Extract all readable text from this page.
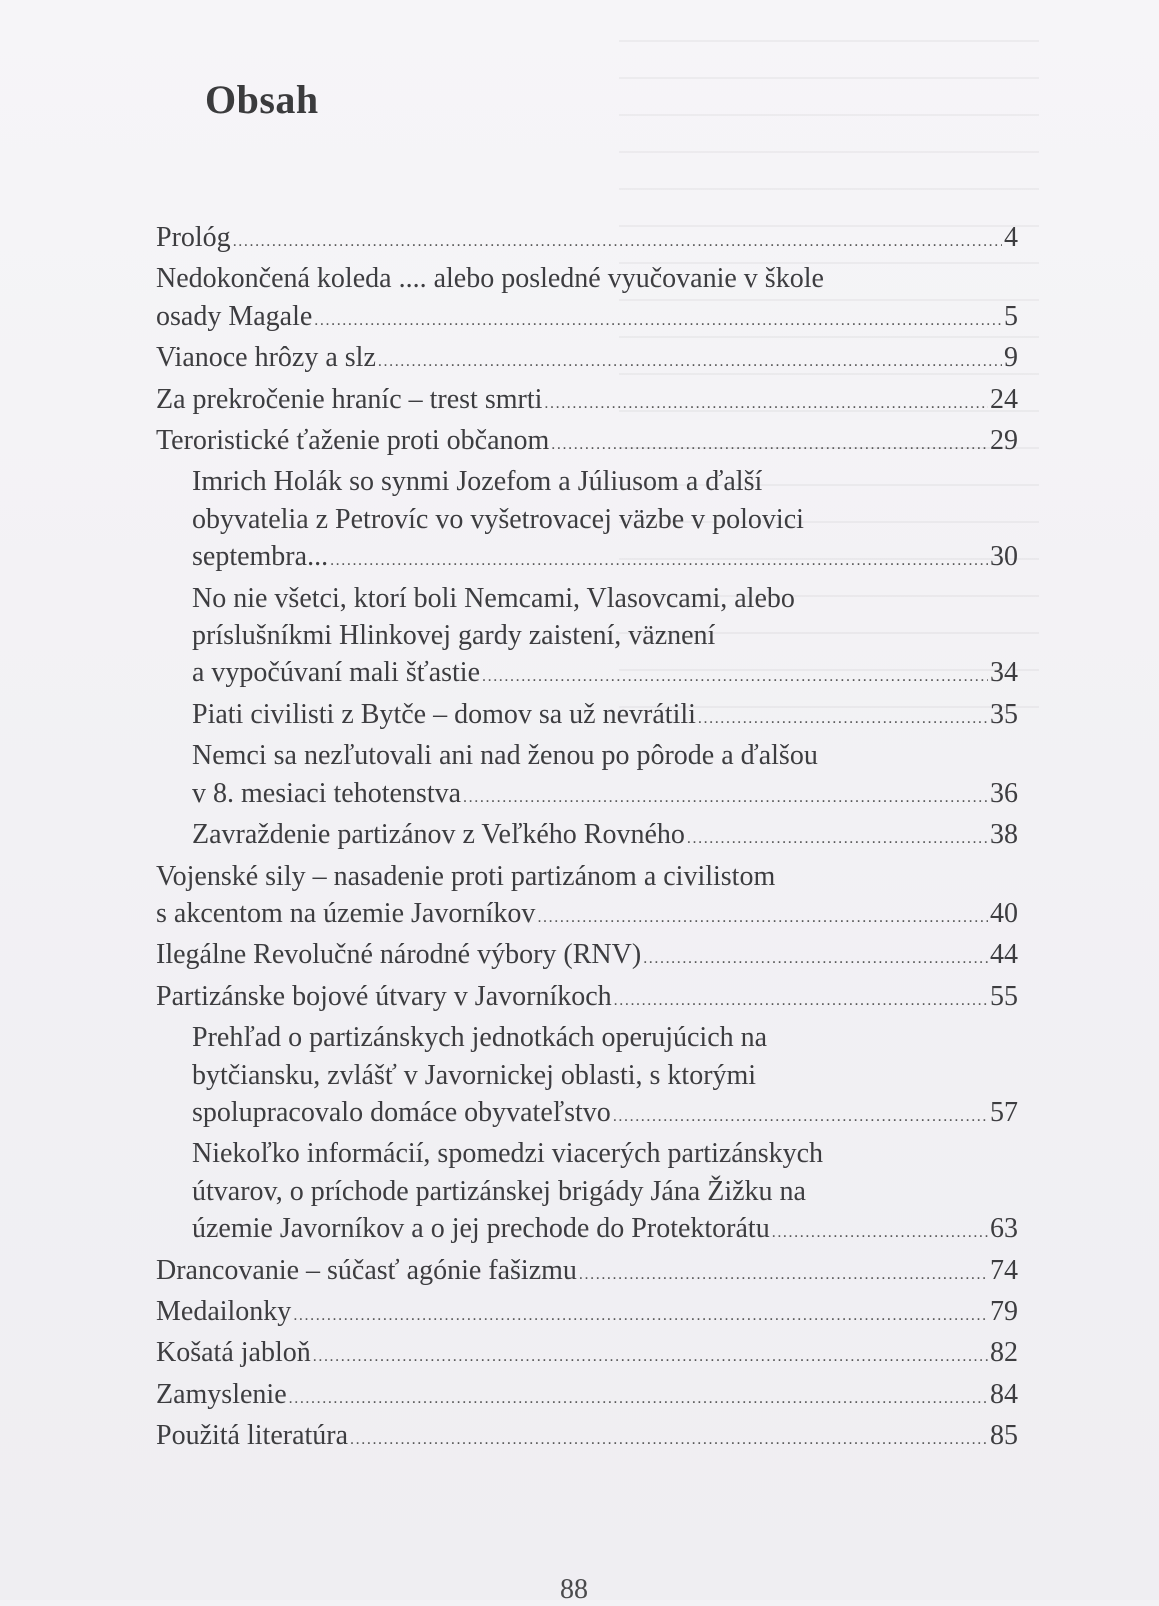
Obsah
Prológ .....	4
Nedokončená koleda .... alebo posledné vyučovanie v škole
osady Magale .....	5
Vianoce hrôzy a slz .....	9
Za prekročenie hraníc – trest smrti .....	24
Teroristické ťaženie proti občanom .....	29
Imrich Holák so synmi Jozefom a Júliusom a ďalší
obyvatelia z Petrovíc vo vyšetrovacej väzbe v polovici
septembra... .....	30
No nie všetci, ktorí boli Nemcami, Vlasovcami, alebo
príslušníkmi Hlinkovej gardy zaistení, väznení
a vypočúvaní mali šťastie .....	34
Piati civilisti z Bytče – domov sa už nevrátili .....	35
Nemci sa nezľutovali ani nad ženou po pôrode a ďalšou
v 8. mesiaci tehotenstva .....	36
Zavraždenie partizánov z Veľkého Rovného .....	38
Vojenské sily – nasadenie proti partizánom a civilistom
s akcentom na územie Javorníkov .....	40
Ilegálne Revolučné národné výbory (RNV) .....	44
Partizánske bojové útvary v Javorníkoch .....	55
Prehľad o partizánskych jednotkách operujúcich na
bytčiansku, zvlášť v Javornickej oblasti, s ktorými
spolupracovalo domáce obyvateľstvo .....	57
Niekoľko informácií, spomedzi viacerých partizánskych
útvarov, o príchode partizánskej brigády Jána Žižku na
územie Javorníkov a o jej prechode do Protektorátu .....	63
Drancovanie – súčasť agónie fašizmu .....	74
Medailonky .....	79
Košatá jabloň .....	82
Zamyslenie .....	84
Použitá literatúra .....	85
88
